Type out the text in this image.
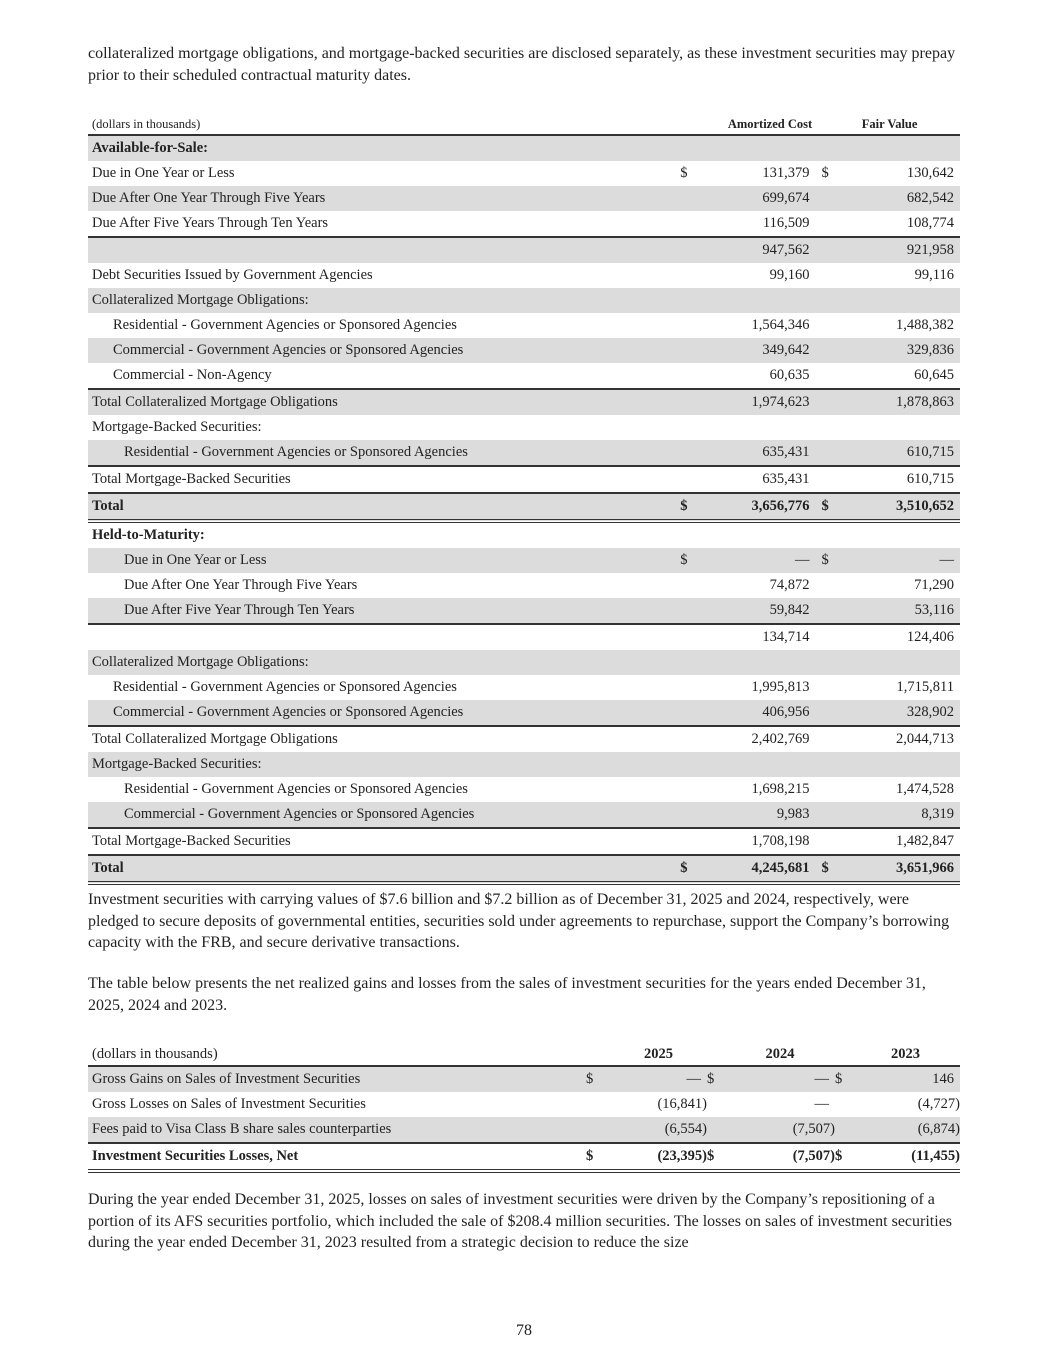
collateralized mortgage obligations, and mortgage-backed securities are disclosed separately, as these investment securities may prepay prior to their scheduled contractual maturity dates.

(dollars in thousands)		Amortized Cost		Fair Value
Available-for-Sale:				
Due in One Year or Less	$	131,379	$	130,642
Due After One Year Through Five Years		699,674		682,542
Due After Five Years Through Ten Years		116,509		108,774
		947,562		921,958
Debt Securities Issued by Government Agencies		99,160		99,116
Collateralized Mortgage Obligations:				
Residential - Government Agencies or Sponsored Agencies		1,564,346		1,488,382
Commercial - Government Agencies or Sponsored Agencies		349,642		329,836
Commercial - Non-Agency		60,635		60,645
Total Collateralized Mortgage Obligations		1,974,623		1,878,863
Mortgage-Backed Securities:				
Residential - Government Agencies or Sponsored Agencies		635,431		610,715
Total Mortgage-Backed Securities		635,431		610,715
Total	$	3,656,776	$	3,510,652
Held-to-Maturity:				
Due in One Year or Less	$	—	$	—
Due After One Year Through Five Years		74,872		71,290
Due After Five Year Through Ten Years		59,842		53,116
		134,714		124,406
Collateralized Mortgage Obligations:				
Residential - Government Agencies or Sponsored Agencies		1,995,813		1,715,811
Commercial - Government Agencies or Sponsored Agencies		406,956		328,902
Total Collateralized Mortgage Obligations		2,402,769		2,044,713
Mortgage-Backed Securities:				
Residential - Government Agencies or Sponsored Agencies		1,698,215		1,474,528
Commercial - Government Agencies or Sponsored Agencies		9,983		8,319
Total Mortgage-Backed Securities		1,708,198		1,482,847
Total	$	4,245,681	$	3,651,966

Investment securities with carrying values of $7.6 billion and $7.2 billion as of December 31, 2025 and 2024, respectively, were pledged to secure deposits of governmental entities, securities sold under agreements to repurchase, support the Company’s borrowing capacity with the FRB, and secure derivative transactions.

The table below presents the net realized gains and losses from the sales of investment securities for the years ended December 31, 2025, 2024 and 2023.

(dollars in thousands)		2025		2024		2023
Gross Gains on Sales of Investment Securities	$	—	$	—	$	146
Gross Losses on Sales of Investment Securities		(16,841)		—		(4,727)
Fees paid to Visa Class B share sales counterparties		(6,554)		(7,507)		(6,874)
Investment Securities Losses, Net	$	(23,395)	$	(7,507)	$	(11,455)

During the year ended December 31, 2025, losses on sales of investment securities were driven by the Company’s repositioning of a portion of its AFS securities portfolio, which included the sale of $208.4 million securities. The losses on sales of investment securities during the year ended December 31, 2023 resulted from a strategic decision to reduce the size

78
